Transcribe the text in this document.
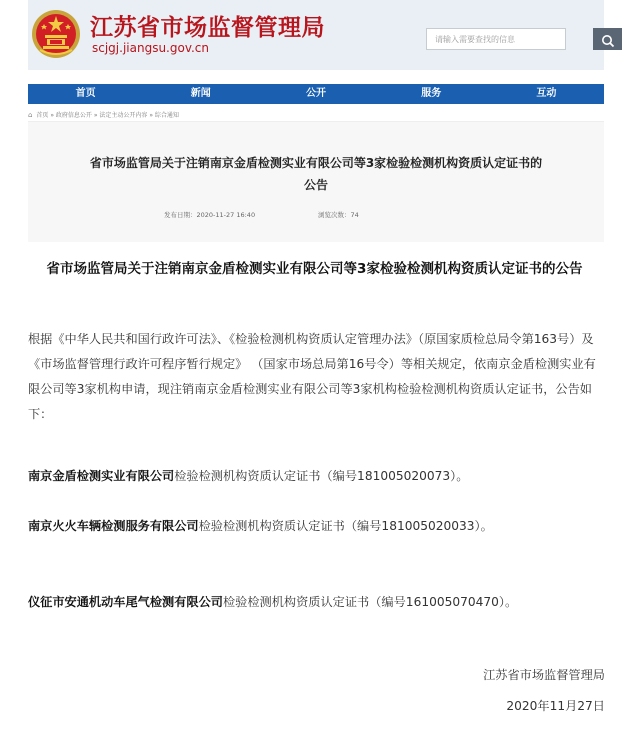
江苏省市场监督管理局
scjgj.jiangsu.gov.cn
请输入需要查找的信息
首页	新闻	公开	服务	互动
⌂ 首页 » 政府信息公开 » 法定主动公开内容 » 综合通知
省市场监管局关于注销南京金盾检测实业有限公司等3家检验检测机构资质认定证书的公告
发布日期：2020-11-27 16:40	浏览次数：74
省市场监管局关于注销南京金盾检测实业有限公司等3家检验检测机构资质认定证书的公告
根据《中华人民共和国行政许可法》、《检验检测机构资质认定管理办法》（原国家质检总局令第163号）及《市场监督管理行政许可程序暂行规定》 （国家市场总局第16号令）等相关规定，依南京金盾检测实业有限公司等3家机构申请，现注销南京金盾检测实业有限公司等3家机构检验检测机构资质认定证书，公告如下：
南京金盾检测实业有限公司检验检测机构资质认定证书（编号181005020073）。
南京火火车辆检测服务有限公司检验检测机构资质认定证书（编号181005020033）。
仪征市安通机动车尾气检测有限公司检验检测机构资质认定证书（编号161005070470）。
江苏省市场监督管理局
2020年11月27日
